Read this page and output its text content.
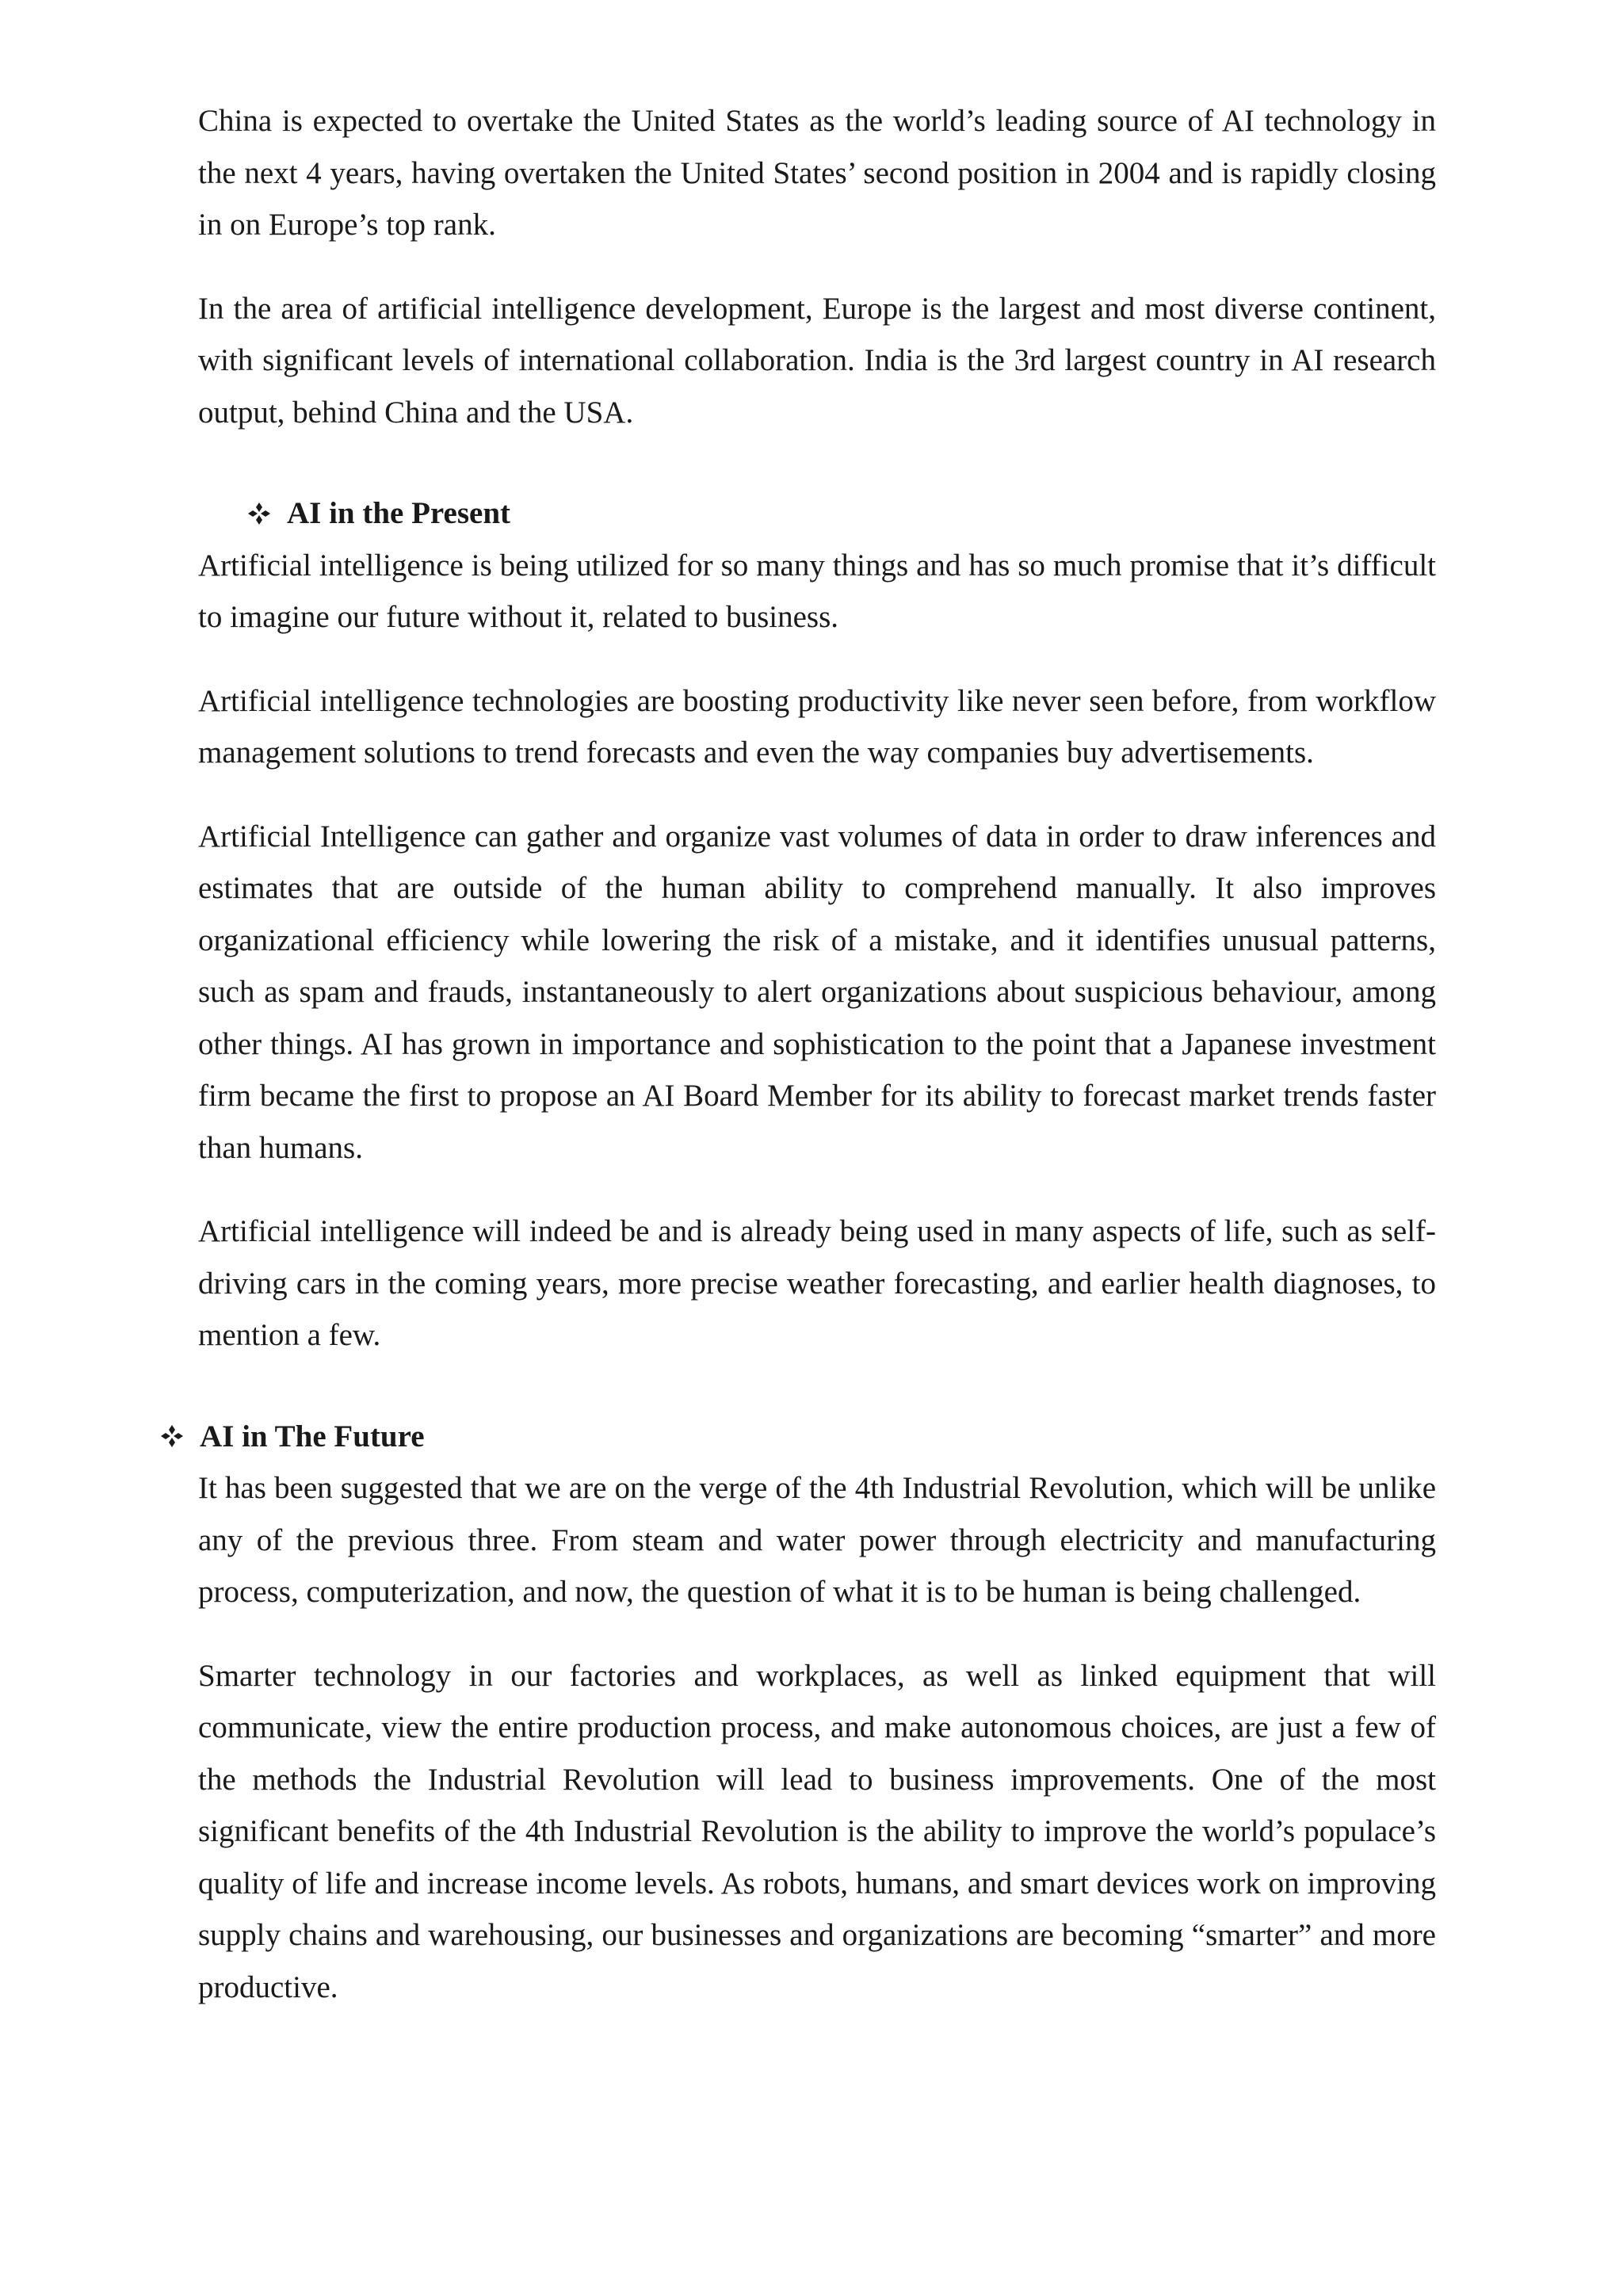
China is expected to overtake the United States as the world’s leading source of AI technology in the next 4 years, having overtaken the United States’ second position in 2004 and is rapidly closing in on Europe’s top rank.

In the area of artificial intelligence development, Europe is the largest and most diverse continent, with significant levels of international collaboration. India is the 3rd largest country in AI research output, behind China and the USA.

AI in the Present

Artificial intelligence is being utilized for so many things and has so much promise that it’s difficult to imagine our future without it, related to business.

Artificial intelligence technologies are boosting productivity like never seen before, from workflow management solutions to trend forecasts and even the way companies buy advertisements.

Artificial Intelligence can gather and organize vast volumes of data in order to draw inferences and estimates that are outside of the human ability to comprehend manually. It also improves organizational efficiency while lowering the risk of a mistake, and it identifies unusual patterns, such as spam and frauds, instantaneously to alert organizations about suspicious behaviour, among other things. AI has grown in importance and sophistication to the point that a Japanese investment firm became the first to propose an AI Board Member for its ability to forecast market trends faster than humans.

Artificial intelligence will indeed be and is already being used in many aspects of life, such as self-driving cars in the coming years, more precise weather forecasting, and earlier health diagnoses, to mention a few.

AI in The Future

It has been suggested that we are on the verge of the 4th Industrial Revolution, which will be unlike any of the previous three. From steam and water power through electricity and manufacturing process, computerization, and now, the question of what it is to be human is being challenged.

Smarter technology in our factories and workplaces, as well as linked equipment that will communicate, view the entire production process, and make autonomous choices, are just a few of the methods the Industrial Revolution will lead to business improvements. One of the most significant benefits of the 4th Industrial Revolution is the ability to improve the world’s populace’s quality of life and increase income levels. As robots, humans, and smart devices work on improving supply chains and warehousing, our businesses and organizations are becoming “smarter” and more productive.
